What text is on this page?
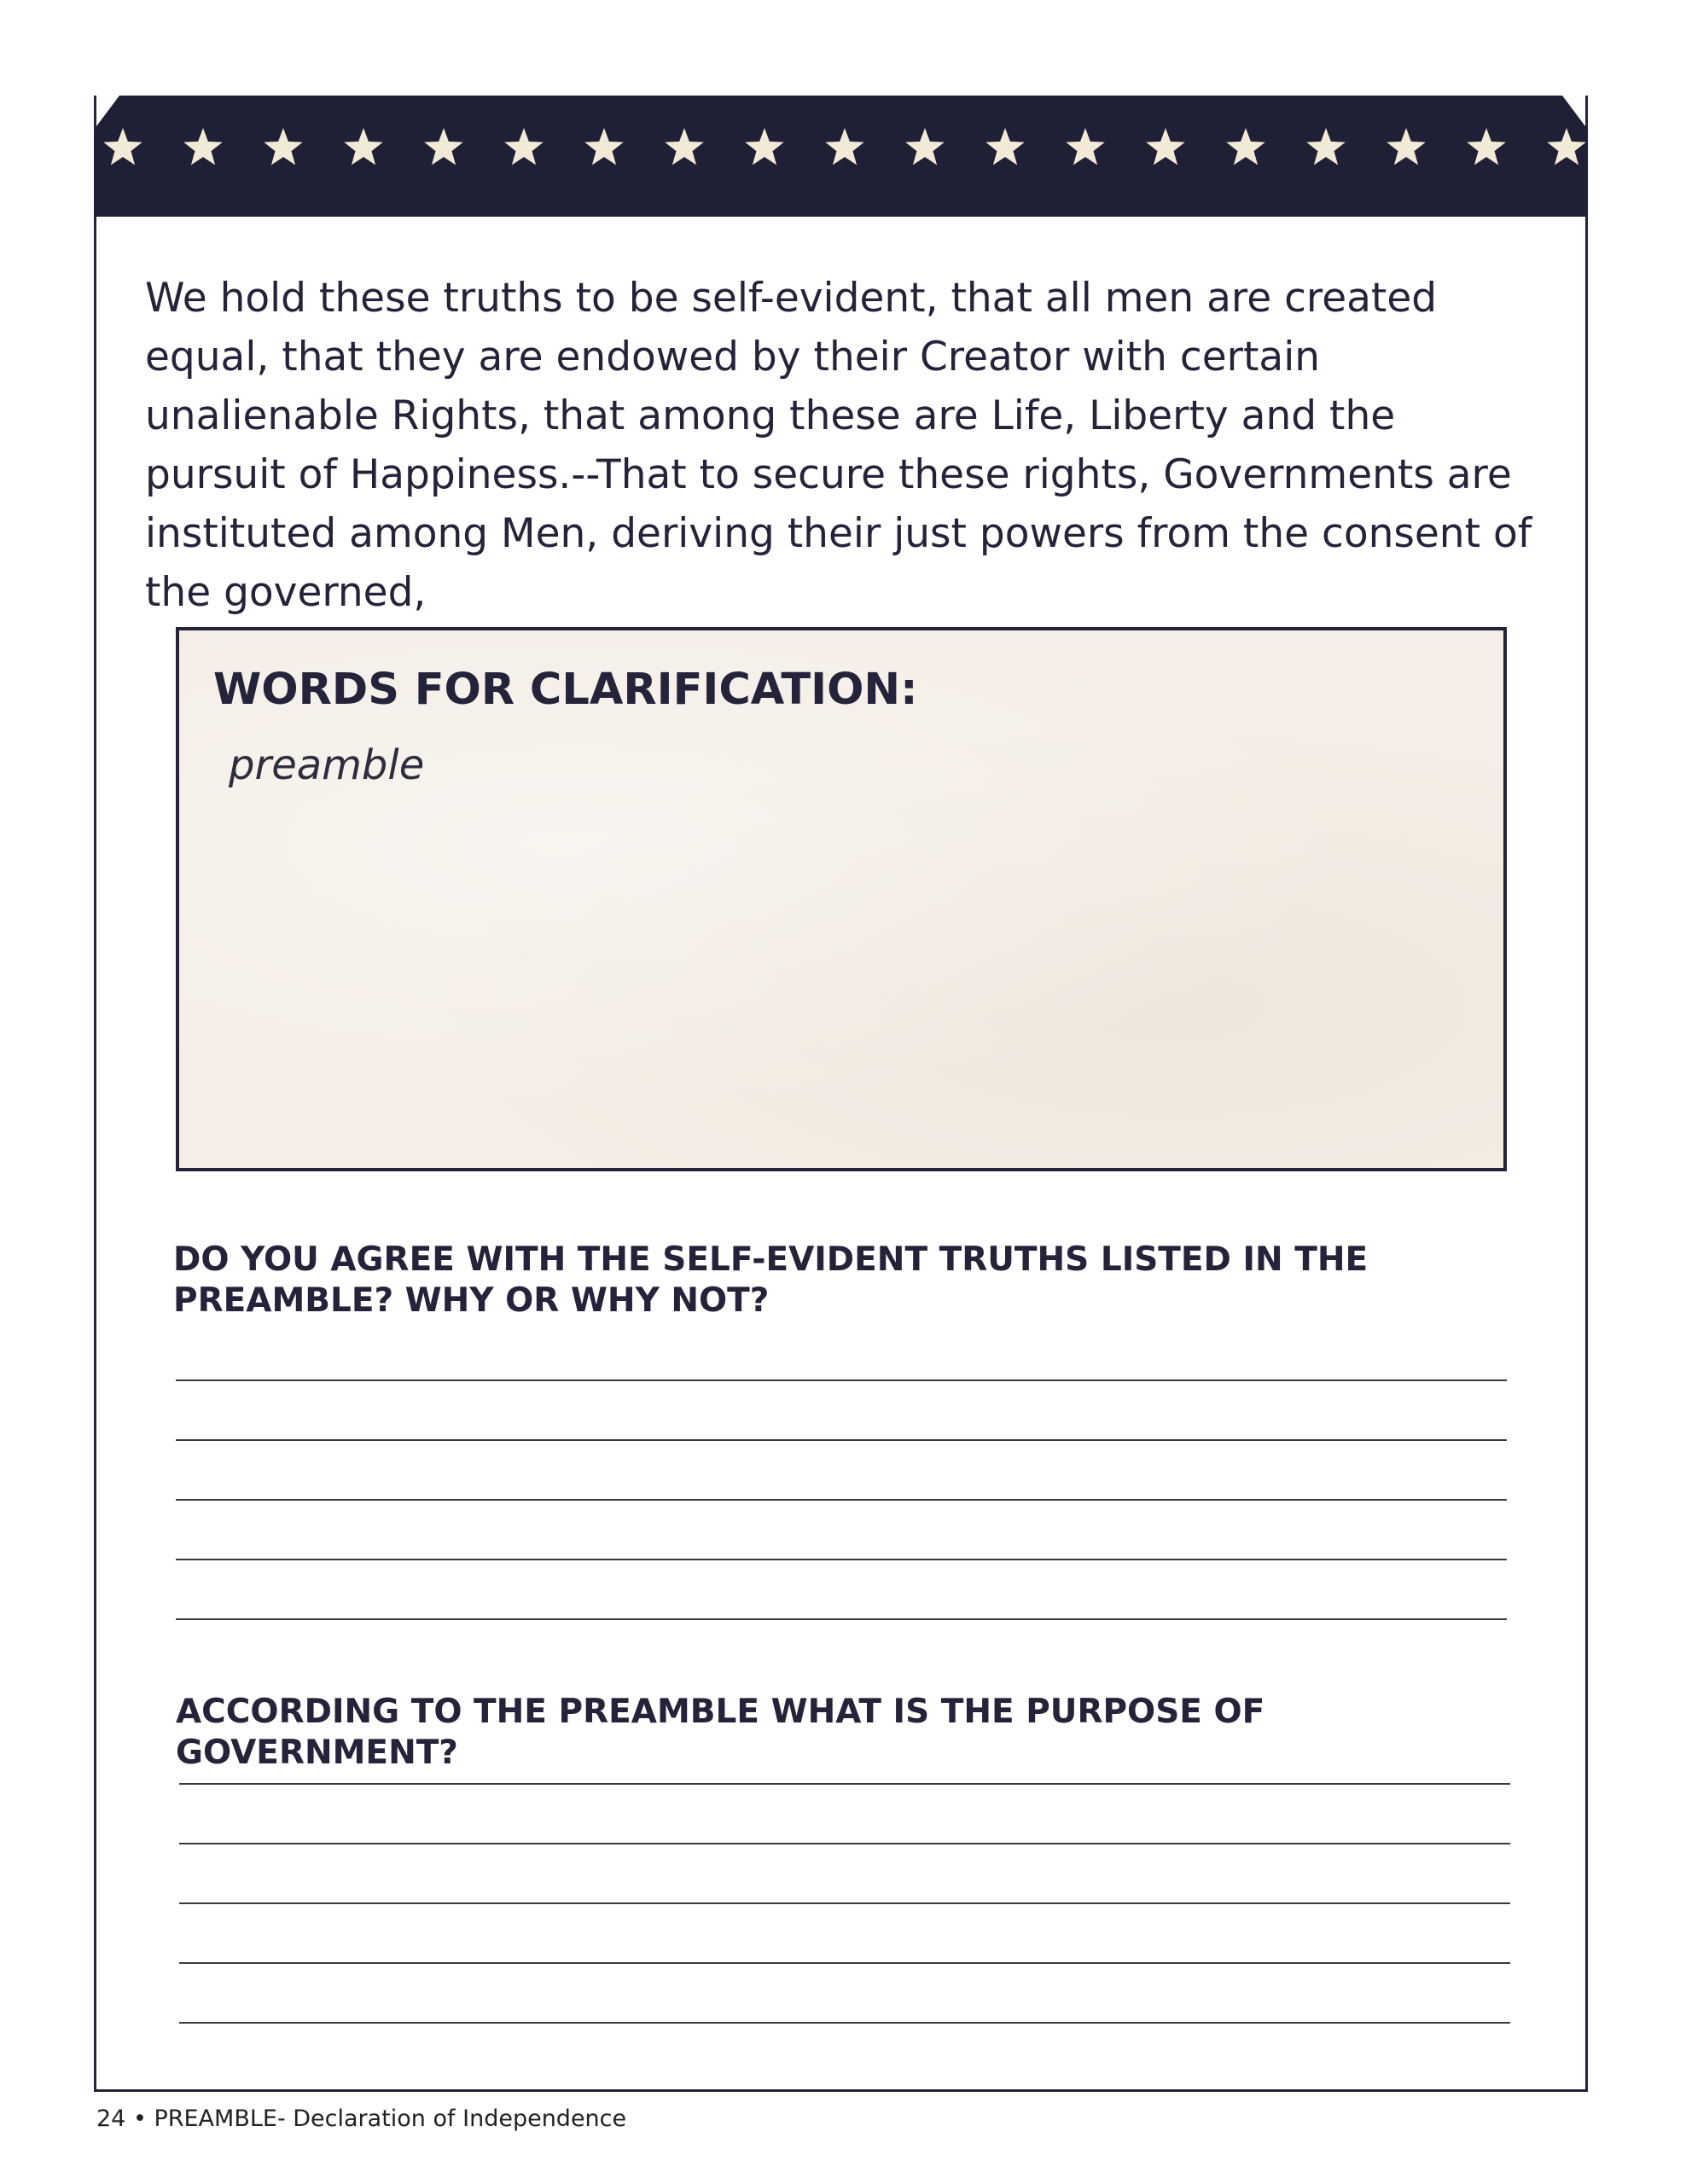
We hold these truths to be self-evident, that all men are created equal, that they are endowed by their Creator with certain unalienable Rights, that among these are Life, Liberty and the pursuit of Happiness.--That to secure these rights, Governments are instituted among Men, deriving their just powers from the consent of the governed,

WORDS FOR CLARIFICATION:
preamble

DO YOU AGREE WITH THE SELF-EVIDENT TRUTHS LISTED IN THE PREAMBLE? WHY OR WHY NOT?

ACCORDING TO THE PREAMBLE WHAT IS THE PURPOSE OF GOVERNMENT?

24 • PREAMBLE- Declaration of Independence
